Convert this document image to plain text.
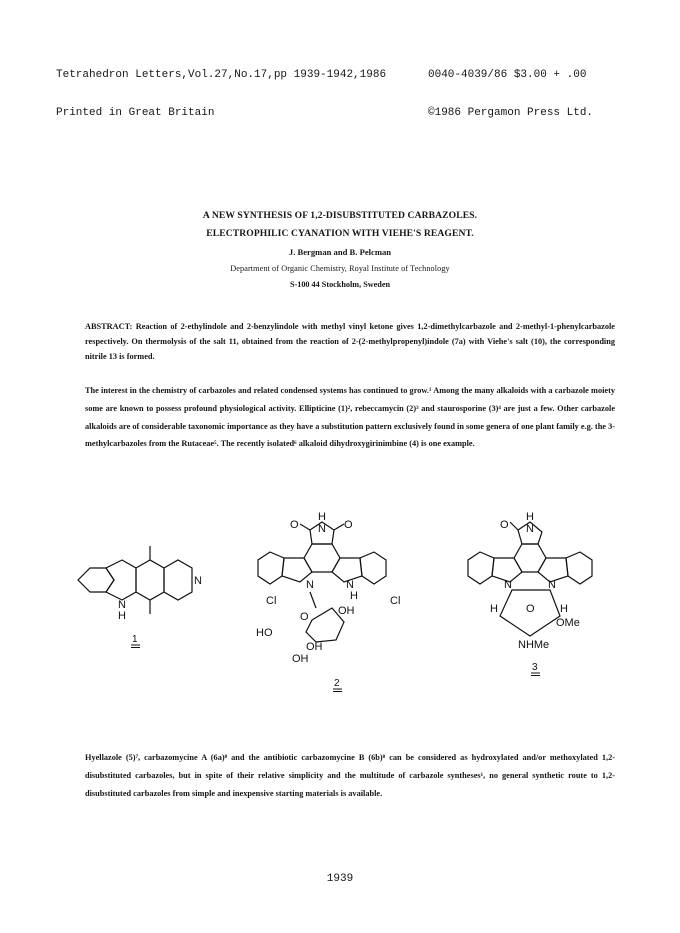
Tetrahedron Letters,Vol.27,No.17,pp 1939-1942,1986

Printed in Great Britain

0040-4039/86 $3.00 + .00

©1986 Pergamon Press Ltd.

A NEW SYNTHESIS OF 1,2-DISUBSTITUTED CARBAZOLES.
ELECTROPHILIC CYANATION WITH VIEHE'S REAGENT.
J. Bergman and B. Pelcman
Department of Organic Chemistry, Royal Institute of Technology
S-100 44 Stockholm, Sweden
ABSTRACT: Reaction of 2-ethylindole and 2-benzylindole with methyl vinyl ketone gives 1,2-dimethylcarbazole and 2-methyl-1-phenylcarbazole respectively. On thermolysis of the salt 11, obtained from the reaction of 2-(2-methylpropenyl)indole (7a) with Viehe's salt (10), the corresponding nitrile 13 is formed.
The interest in the chemistry of carbazoles and related condensed systems has continued to grow.¹ Among the many alkaloids with a carbazole moiety some are known to possess profound physiological activity. Ellipticine (1)², rebeccamycin (2)³ and staurosporine (3)⁴ are just a few. Other carbazole alkaloids are of considerable taxonomic importance as they have a substitution pattern exclusively found in some genera of one plant family e.g. the 3-methylcarbazoles from the Rutaceae⁵. The recently isolated⁶ alkaloid dihydroxygirinimbine (4) is one example.
N
N
H
H
N
O	O
N	N
H
Cl	Cl
O	OH
HO
OH
OH
H
N
O
N	N
H	O H
OMe
NHMe
1
2
3
Hyellazole (5)⁷, carbazomycine A (6a)⁸ and the antibiotic carbazomycine B (6b)⁸ can be considered as hydroxylated and/or methoxylated 1,2-disubstituted carbazoles, but in spite of their relative simplicity and the multitude of carbazole syntheses¹, no general synthetic route to 1,2-disubstituted carbazoles from simple and inexpensive starting materials is available.
1939
